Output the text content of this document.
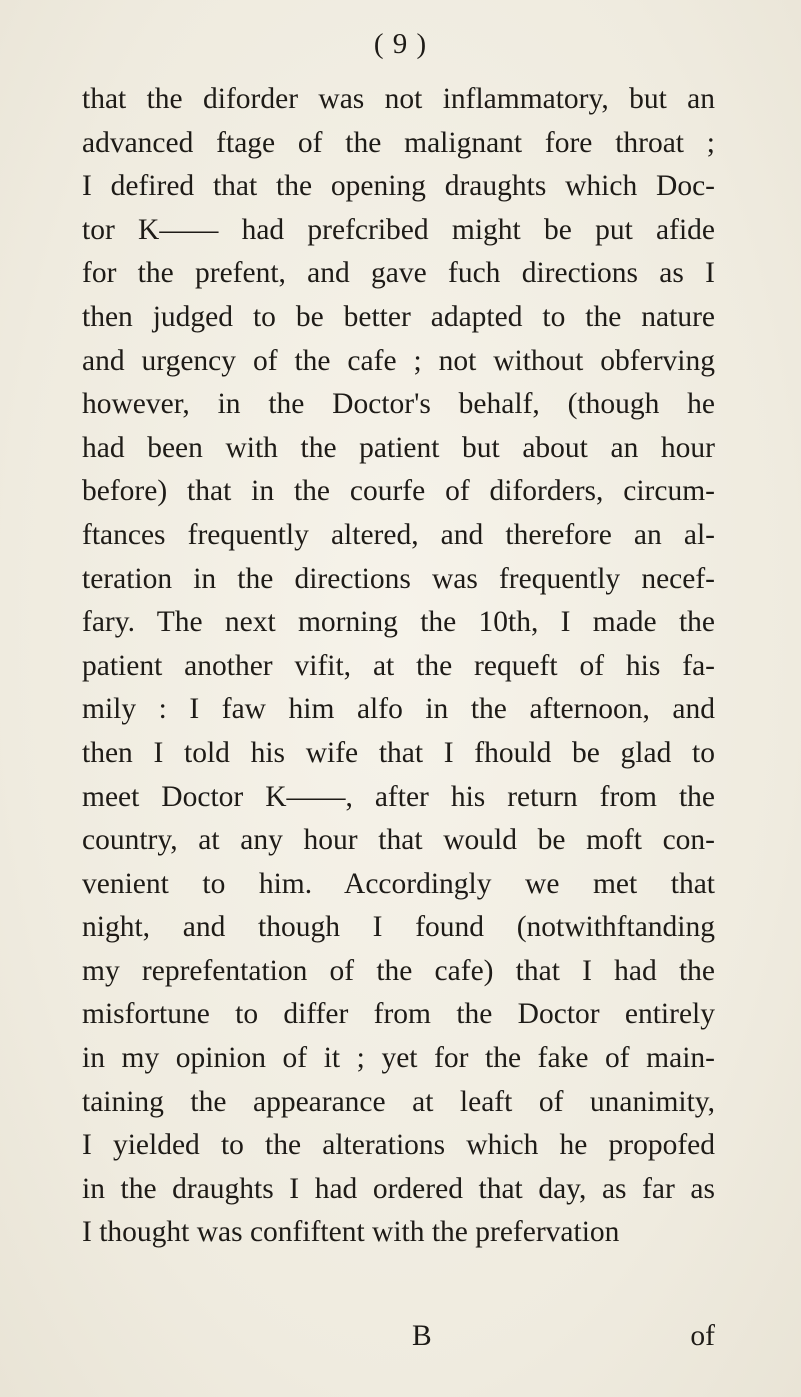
( 9 )
that the diforder was not inflammatory, but an
advanced ftage of the malignant fore throat ;
I defired that the opening draughts which Doc-
tor K—— had prefcribed might be put afide
for the prefent, and gave fuch directions as I
then judged to be better adapted to the nature
and urgency of the cafe ; not without obferving
however, in the Doctor's behalf, (though he
had been with the patient but about an hour
before) that in the courfe of diforders, circum-
ftances frequently altered, and therefore an al-
teration in the directions was frequently necef-
fary. The next morning the 10th, I made the
patient another vifit, at the requeft of his fa-
mily : I faw him alfo in the afternoon, and
then I told his wife that I fhould be glad to
meet Doctor K——, after his return from the
country, at any hour that would be moft con-
venient to him. Accordingly we met that
night, and though I found (notwithftanding
my reprefentation of the cafe) that I had the
misfortune to differ from the Doctor entirely
in my opinion of it ; yet for the fake of main-
taining the appearance at leaft of unanimity,
I yielded to the alterations which he propofed
in the draughts I had ordered that day, as far as
I thought was confiftent with the prefervation
B	of
